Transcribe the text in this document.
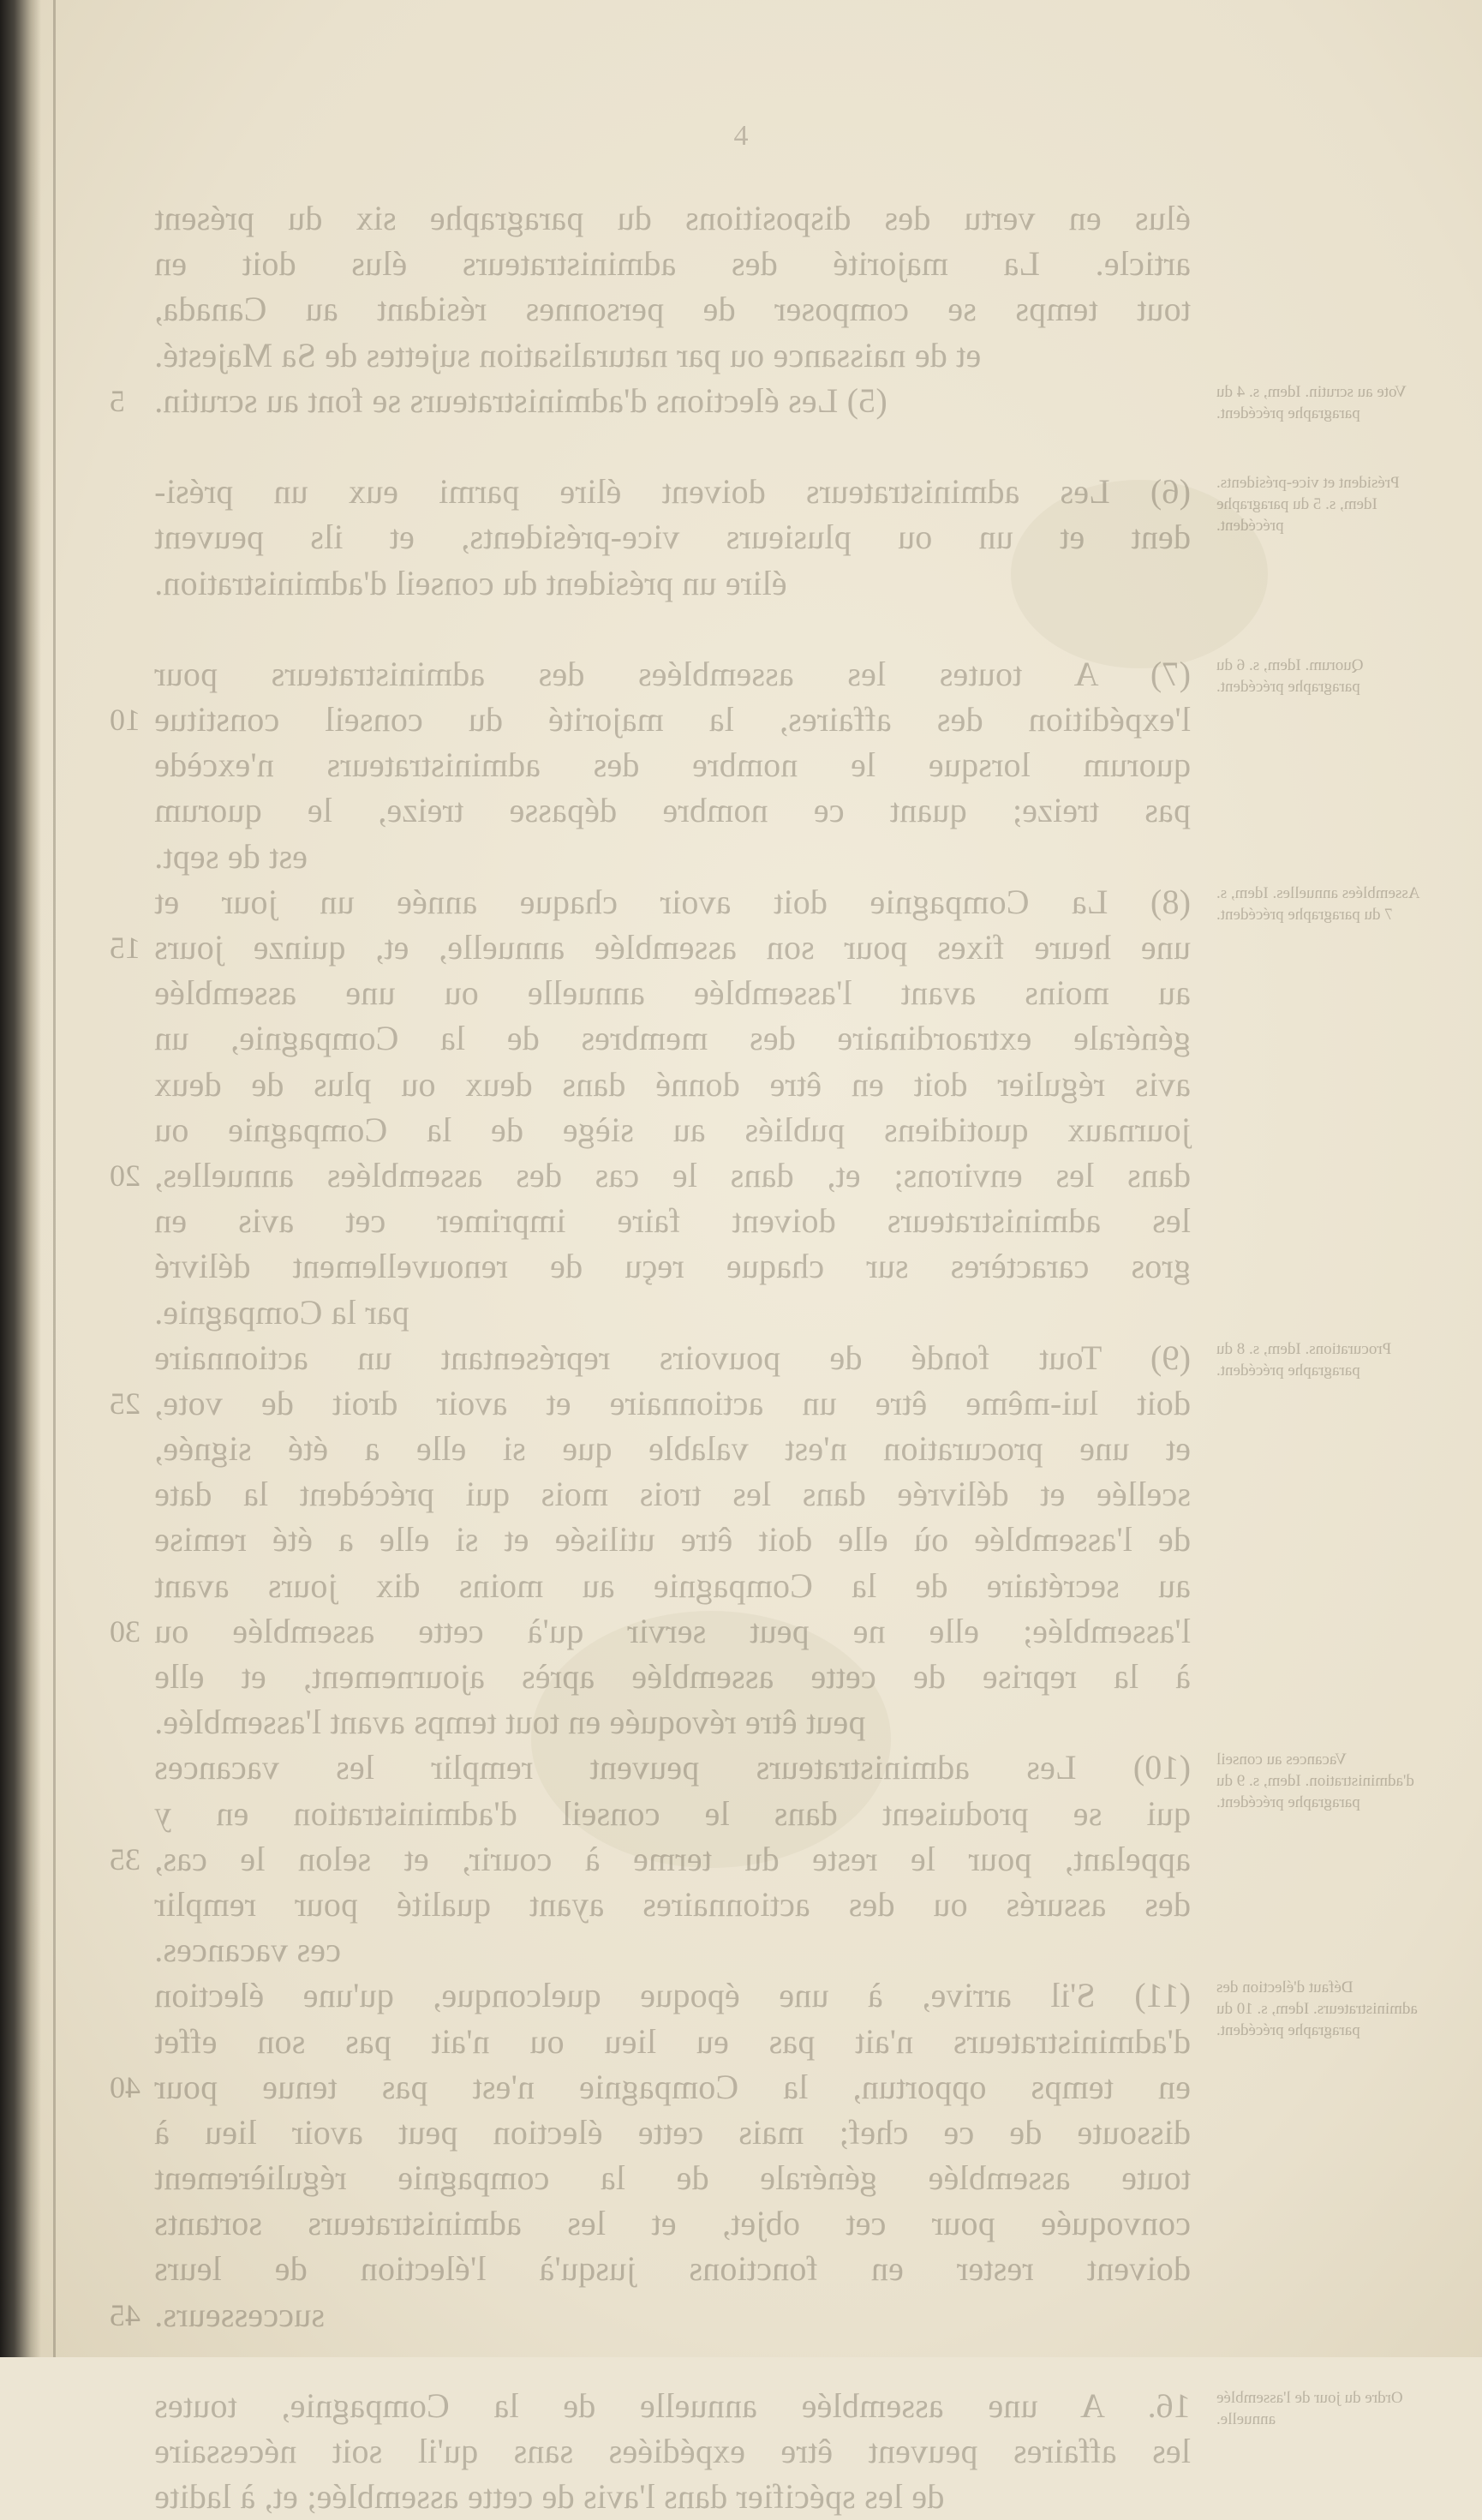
4
5
10
15
20
25
30
35
40
45
élus en vertu des dispositions du paragraphe six du présent
article. La majorité des administrateurs élus doit en
tout temps se composer de personnes résidant au Canada,
et de naissance ou par naturalisation sujettes de Sa Majesté.
(5) Les élections d'administrateurs se font au scrutin.
(6) Les administrateurs doivent élire parmi eux un prési-
dent et un ou plusieurs vice-présidents, et ils peuvent
élire un président du conseil d'administration.
(7) A toutes les assemblées des administrateurs pour
l'expédition des affaires, la majorité du conseil constitue
quorum lorsque le nombre des administrateurs n'excède
pas treize; quant ce nombre dépasse treize, le quorum
est de sept.
(8) La Compagnie doit avoir chaque année un jour et
une heure fixes pour son assemblée annuelle, et, quinze jours
au moins avant l'assemblée annuelle ou une assemblée
générale extraordinaire des membres de la Compagnie, un
avis régulier doit en être donné dans deux ou plus de deux
journaux quotidiens publiés au siège de la Compagnie ou
dans les environs; et, dans le cas des assemblées annuelles,
les administrateurs doivent faire imprimer cet avis en
gros caractères sur chaque reçu de renouvellement délivré
par la Compagnie.
(9) Tout fondé de pouvoirs représentant un actionnaire
doit lui-même être un actionnaire et avoir droit de vote,
et une procuration n'est valable que si elle a été signée,
scellée et délivrée dans les trois mois qui précèdent la date
de l'assemblée où elle doit être utilisée et si elle a été remise
au secrétaire de la Compagnie au moins dix jours avant
l'assemblée; elle ne peut servir qu'à cette assemblée ou
à la reprise de cette assemblée après ajournement, et elle
peut être révoquée en tout temps avant l'assemblée.
(10) Les administrateurs peuvent remplir les vacances
qui se produisent dans le conseil d'administration en y
appelant, pour le reste du terme à courir, et selon le cas,
des assurés ou des actionnaires ayant qualité pour remplir
ces vacances.
(11) S'il arrive, à une époque quelconque, qu'une élection
d'administrateurs n'ait pas eu lieu ou n'ait pas son effet
en temps opportun, la Compagnie n'est pas tenue pour
dissoute de ce chef; mais cette élection peut avoir lieu à
toute assemblée générale de la compagnie régulièrement
convoquée pour cet objet, et les administrateurs sortants
doivent rester en fonctions jusqu'à l'élection de leurs
successeurs.
16. A une assemblée annuelle de la Compagnie, toutes
les affaires peuvent être expédiées sans qu'il soit nécessaire
de les spécifier dans l'avis de cette assemblée; et, à ladite
Vote au scrutin. Idem, s. 4 du paragraphe précédent.
Président et vice-présidents. Idem, s. 5 du paragraphe précédent.
Quorum. Idem, s. 6 du paragraphe précédent.
Assemblées annuelles. Idem, s. 7 du paragraphe précédent.
Procurations. Idem, s. 8 du paragraphe précédent.
Vacances au conseil d'administration. Idem, s. 9 du paragraphe précédent.
Défaut d'élection des administrateurs. Idem, s. 10 du paragraphe précédent.
Ordre du jour de l'assemblée annuelle.
